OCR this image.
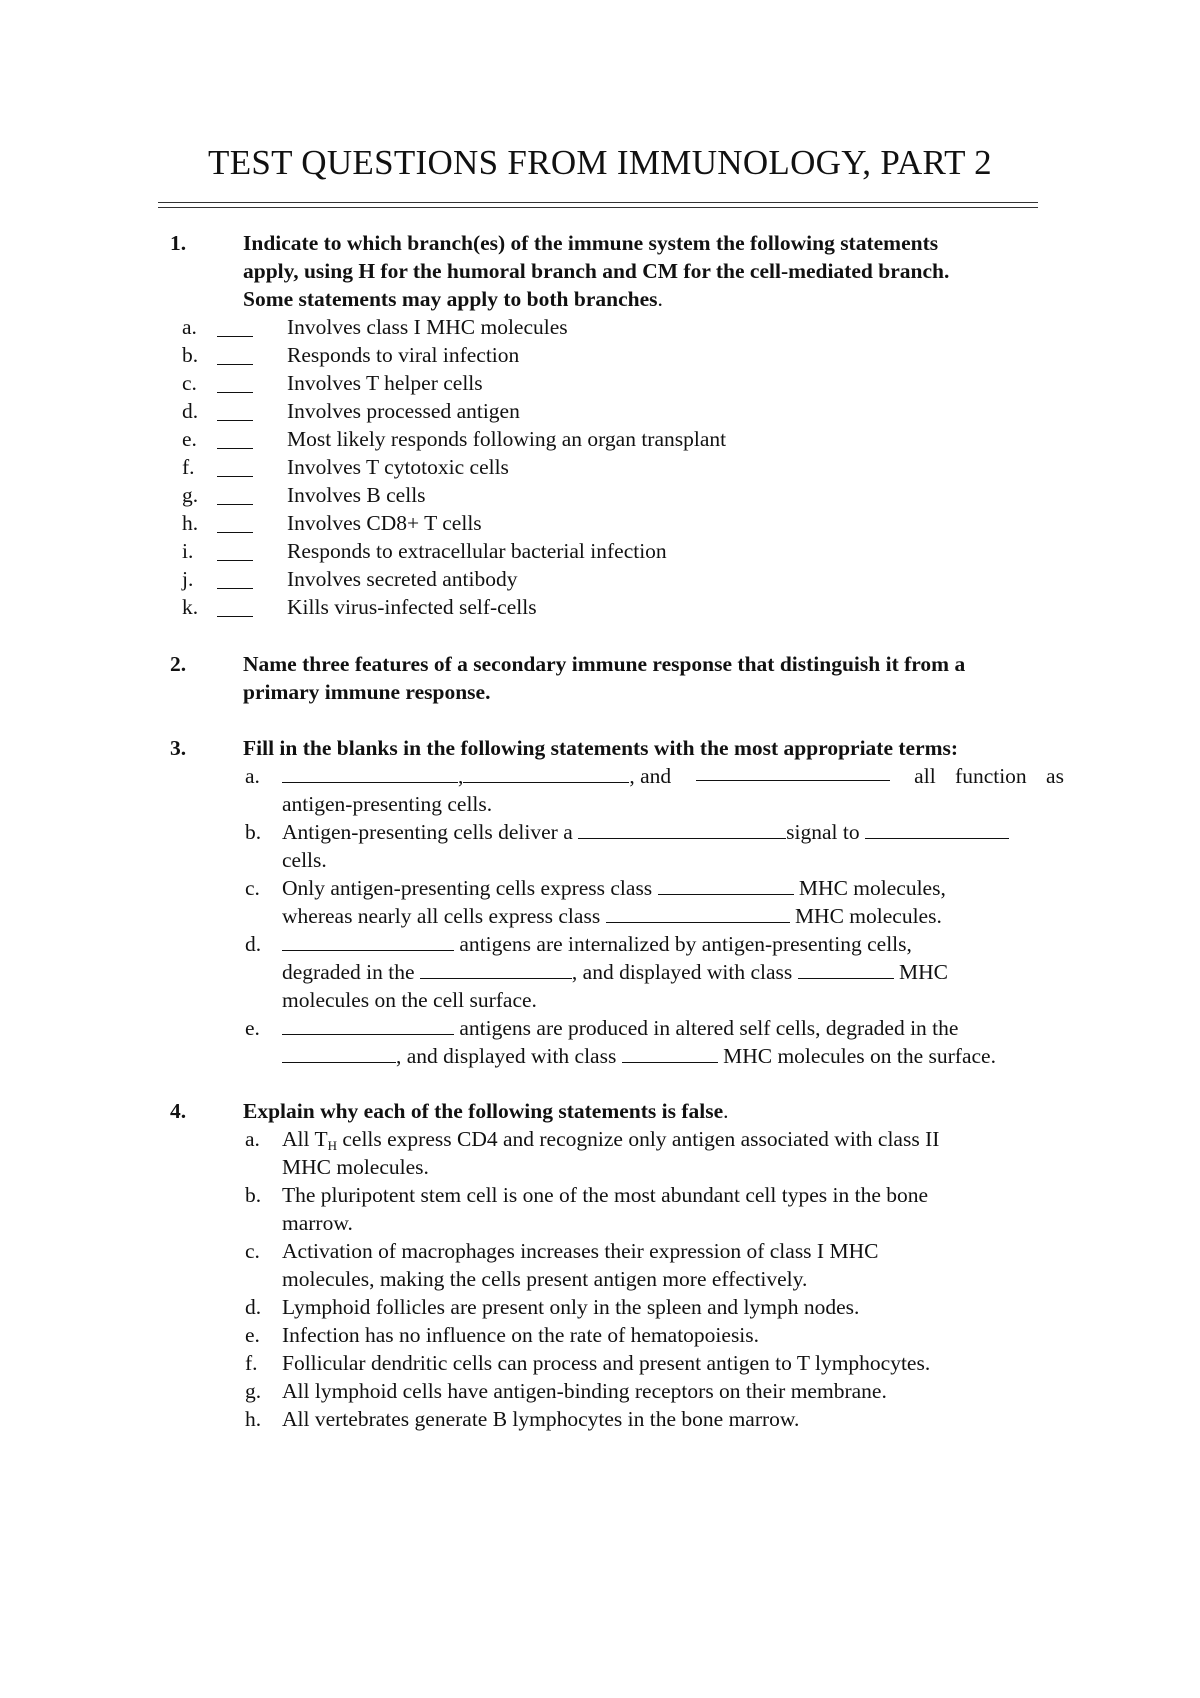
TEST QUESTIONS FROM IMMUNOLOGY, PART 2
1.	Indicate to which branch(es) of the immune system the following statements
apply, using H for the humoral branch and CM for the cell-mediated branch.
Some statements may apply to both branches.
a.	Involves class I MHC molecules
b.	Responds to viral infection
c.	Involves T helper cells
d.	Involves processed antigen
e.	Most likely responds following an organ transplant
f.	Involves T cytotoxic cells
g.	Involves B cells
h.	Involves CD8+ T cells
i.	Responds to extracellular bacterial infection
j.	Involves secreted antibody
k.	Kills virus-infected self-cells
2.	Name three features of a secondary immune response that distinguish it from a
primary immune response.
3.	Fill in the blanks in the following statements with the most appropriate terms:
a.	,	, and	all function as
antigen-presenting cells.
b. Antigen-presenting cells deliver a	signal to
cells.
c. Only antigen-presenting cells express class	MHC molecules,
whereas nearly all cells express class	MHC molecules.
d.	antigens are internalized by antigen-presenting cells,
degraded in the	, and displayed with class	MHC
molecules on the cell surface.
e.	antigens are produced in altered self cells, degraded in the
, and displayed with class	MHC molecules on the surface.
4.	Explain why each of the following statements is false.
a. All $T_H$ cells express CD4 and recognize only antigen associated with class II
MHC molecules.
b. The pluripotent stem cell is one of the most abundant cell types in the bone
marrow.
c. Activation of macrophages increases their expression of class I MHC
molecules, making the cells present antigen more effectively.
d. Lymphoid follicles are present only in the spleen and lymph nodes.
e. Infection has no influence on the rate of hematopoiesis.
f. Follicular dendritic cells can process and present antigen to T lymphocytes.
g. All lymphoid cells have antigen-binding receptors on their membrane.
h. All vertebrates generate B lymphocytes in the bone marrow.
